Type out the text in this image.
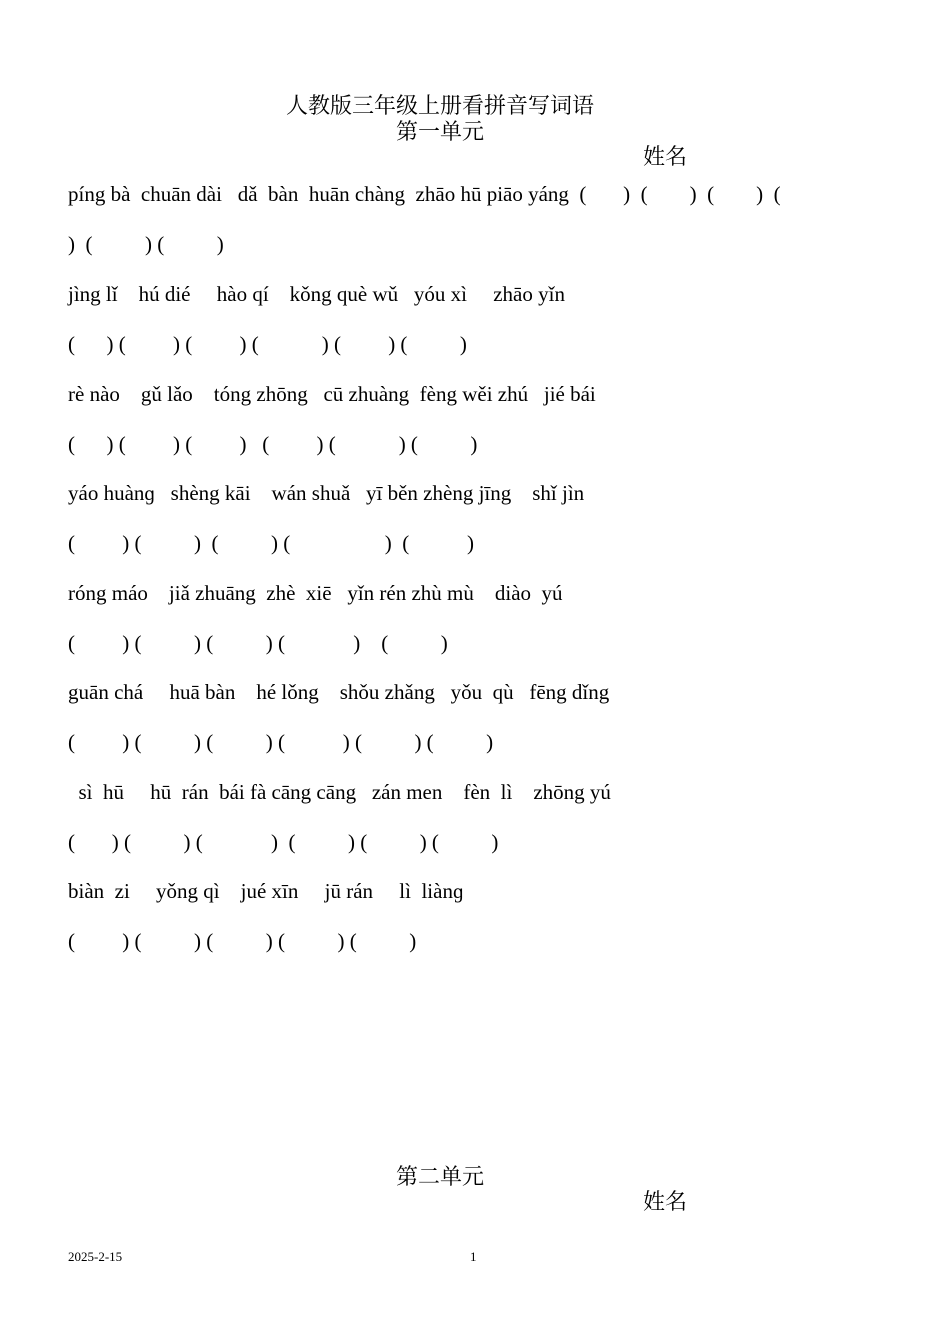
人教版三年级上册看拼音写词语
第一单元
姓名
píng bà  chuān dài   dǎ  bàn  huān chàng  zhāo hū piāo yáng  (       )  (        )  (        )  (
)  (          ) (          )
jìng lǐ    hú dié     hào qí    kǒng què wǔ   yóu xì     zhāo yǐn
(      ) (         ) (         ) (            ) (         ) (          )
rè nào    gǔ lǎo    tóng zhōng   cū zhuàng  fèng wěi zhú   jié bái
(      ) (         ) (         )   (         ) (            ) (          )
yáo huànɡ   shèng kāi    wán shuǎ   yī běn zhèng jīng    shǐ jìn
(         ) (          )  (          ) (                  )  (           )
róng máo    jiǎ zhuāng  zhè  xiē   yǐn rén zhù mù    diào  yú
(         ) (          ) (          ) (             )    (          )
guān chá     huā bàn    hé lǒng    shǒu zhǎng   yǒu  qù   fēng dǐng
(         ) (          ) (          ) (           ) (          ) (          )
sì  hū     hū  rán  bái fà cāng cāng   zán men    fèn  lì    zhōng yú
(       ) (          ) (             )  (          ) (          ) (          )
biàn  zi     yǒng qì    jué xīn     jū rán     lì  liànɡ
(         ) (          ) (          ) (          ) (          )
第二单元
姓名
2025-2-15	1
